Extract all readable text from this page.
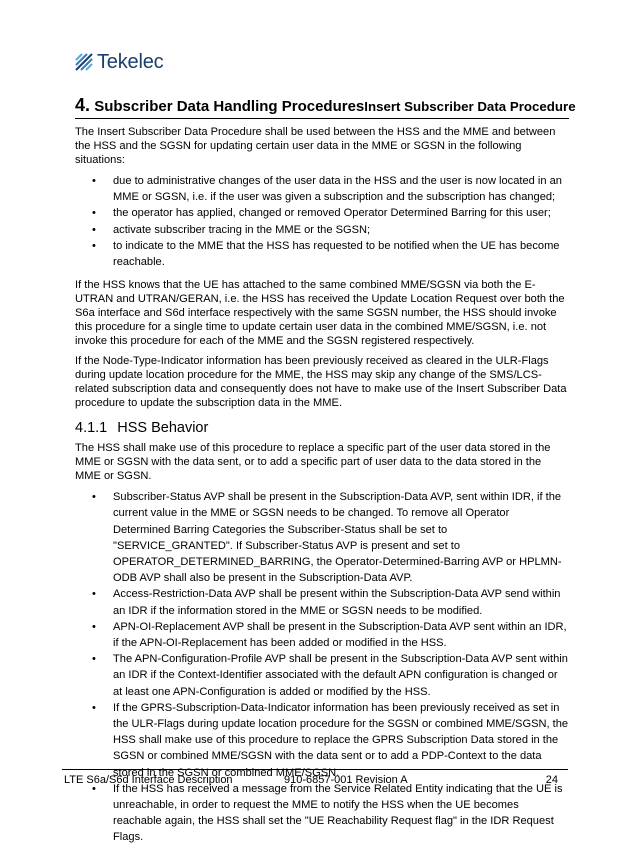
Tekelec
4. Subscriber Data Handling ProceduresInsert Subscriber Data Procedure

The Insert Subscriber Data Procedure shall be used between the HSS and the MME and between the HSS and the SGSN for updating certain user data in the MME or SGSN in the following situations:

• due to administrative changes of the user data in the HSS and the user is now located in an MME or SGSN, i.e. if the user was given a subscription and the subscription has changed;
• the operator has applied, changed or removed Operator Determined Barring for this user;
• activate subscriber tracing in the MME or the SGSN;
• to indicate to the MME that the HSS has requested to be notified when the UE has become reachable.

If the HSS knows that the UE has attached to the same combined MME/SGSN via both the E-UTRAN and UTRAN/GERAN, i.e. the HSS has received the Update Location Request over both the S6a interface and S6d interface respectively with the same SGSN number, the HSS should invoke this procedure for a single time to update certain user data in the combined MME/SGSN, i.e. not invoke this procedure for each of the MME and the SGSN registered respectively.

If the Node-Type-Indicator information has been previously received as cleared in the ULR-Flags during update location procedure for the MME, the HSS may skip any change of the SMS/LCS-related subscription data and consequently does not have to make use of the Insert Subscriber Data procedure to update the subscription data in the MME.

4.1.1 HSS Behavior

The HSS shall make use of this procedure to replace a specific part of the user data stored in the MME or SGSN with the data sent, or to add a specific part of user data to the data stored in the MME or SGSN.

• Subscriber-Status AVP shall be present in the Subscription-Data AVP, sent within IDR, if the current value in the MME or SGSN needs to be changed. To remove all Operator Determined Barring Categories the Subscriber-Status shall be set to "SERVICE_GRANTED". If Subscriber-Status AVP is present and set to OPERATOR_DETERMINED_BARRING, the Operator-Determined-Barring AVP or HPLMN-ODB AVP shall also be present in the Subscription-Data AVP.
• Access-Restriction-Data AVP shall be present within the Subscription-Data AVP send within an IDR if the information stored in the MME or SGSN needs to be modified.
• APN-OI-Replacement AVP shall be present in the Subscription-Data AVP sent within an IDR, if the APN-OI-Replacement has been added or modified in the HSS.
• The APN-Configuration-Profile AVP shall be present in the Subscription-Data AVP sent within an IDR if the Context-Identifier associated with the default APN configuration is changed or at least one APN-Configuration is added or modified by the HSS.
• If the GPRS-Subscription-Data-Indicator information has been previously received as set in the ULR-Flags during update location procedure for the SGSN or combined MME/SGSN, the HSS shall make use of this procedure to replace the GPRS Subscription Data stored in the SGSN or combined MME/SGSN with the data sent or to add a PDP-Context to the data stored in the SGSN or combined MME/SGSN.
• If the HSS has received a message from the Service Related Entity indicating that the UE is unreachable, in order to request the MME to notify the HSS when the UE becomes reachable again, the HSS shall set the "UE Reachability Request flag" in the IDR Request Flags.
LTE S6a/S6d Interface Description	910-6857-001 Revision A	24
